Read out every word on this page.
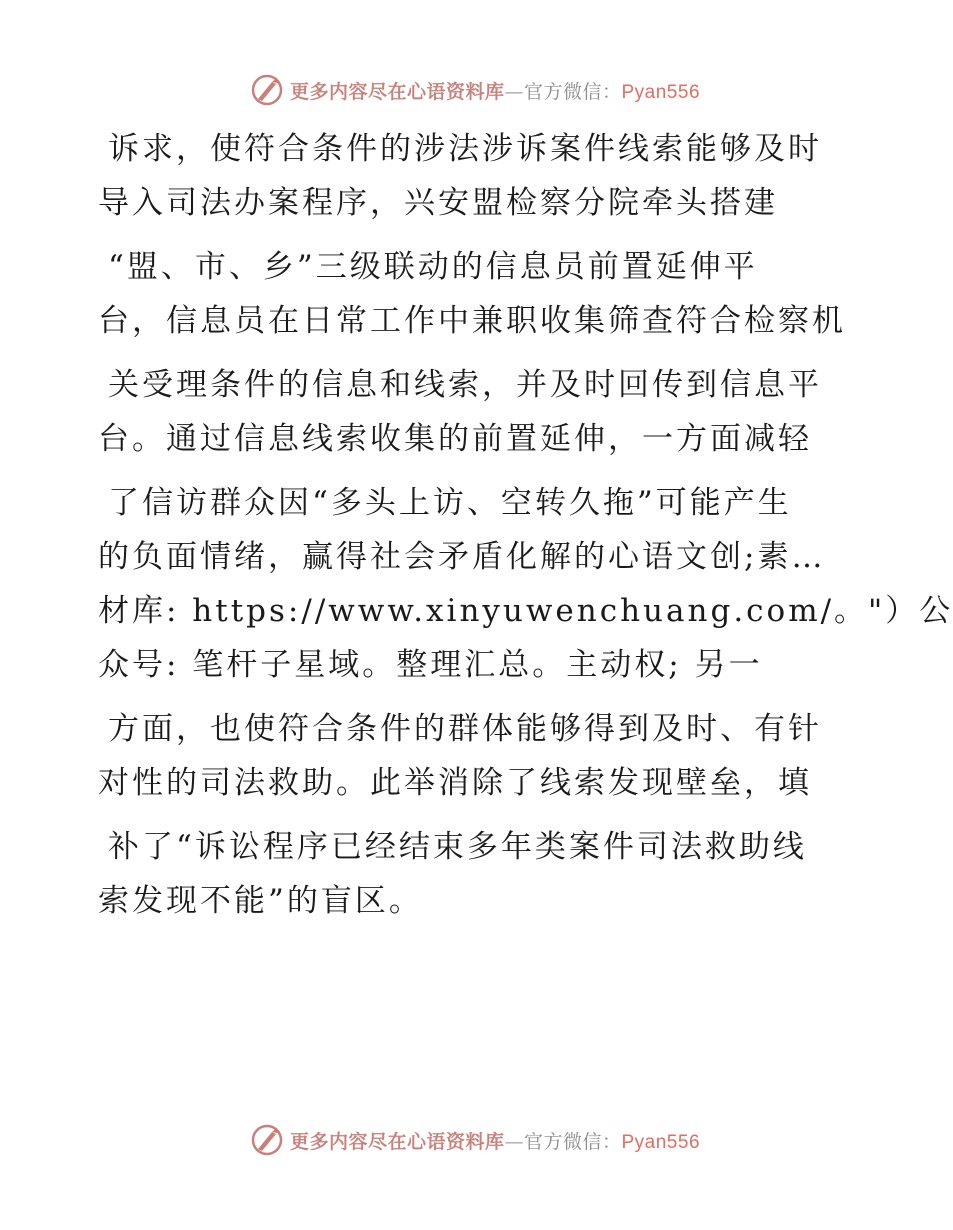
更多内容尽在心语资料库—官方微信：Pyan556
诉求，使符合条件的涉法涉诉案件线索能够及时
导入司法办案程序，兴安盟检察分院牵头搭建
“盟、市、乡”三级联动的信息员前置延伸平
台，信息员在日常工作中兼职收集筛查符合检察机
关受理条件的信息和线索，并及时回传到信息平
台。通过信息线索收集的前置延伸，一方面减轻
了信访群众因“多头上访、空转久拖”可能产生
的负面情绪，赢得社会矛盾化解的心语文创;素…
材库: https://www.xinyuwenchuang.com/。"）公
众号: 笔杆子星域。整理汇总。主动权; 另一
方面，也使符合条件的群体能够得到及时、有针
对性的司法救助。此举消除了线索发现壁垒，填
补了“诉讼程序已经结束多年类案件司法救助线
索发现不能”的盲区。
更多内容尽在心语资料库—官方微信：Pyan556
